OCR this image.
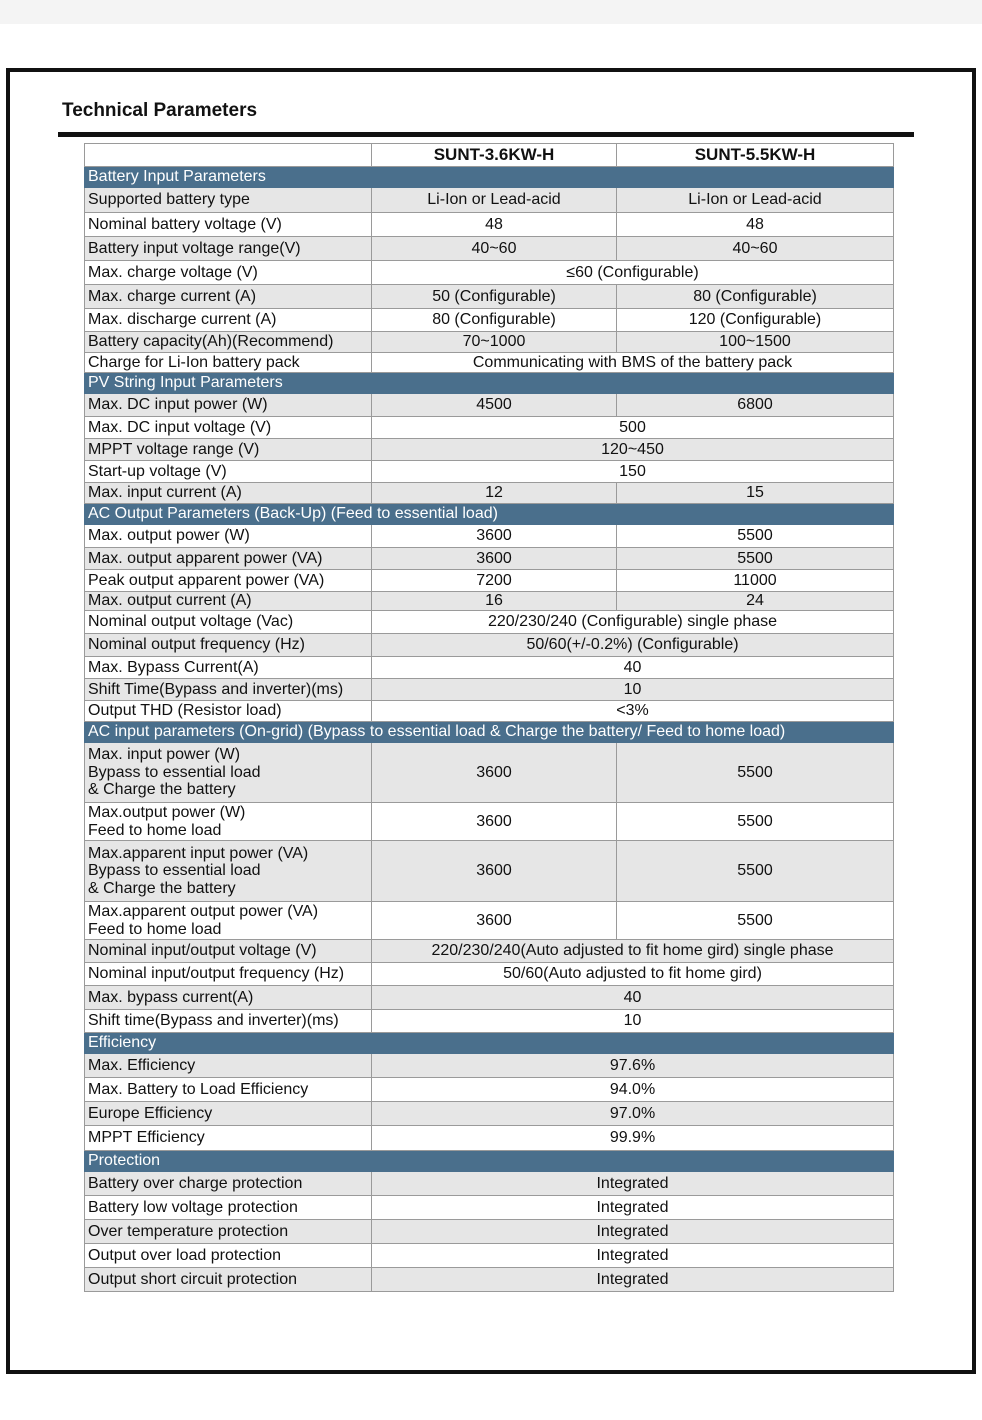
Technical Parameters
	SUNT-3.6KW-H	SUNT-5.5KW-H
Battery Input Parameters		
Supported battery type	Li-Ion or Lead-acid	Li-Ion or Lead-acid
Nominal battery voltage (V)	48	48
Battery input voltage range(V)	40~60	40~60
Max. charge voltage (V)	≤60 (Configurable)	
Max. charge current (A)	50 (Configurable)	80 (Configurable)
Max. discharge current (A)	80 (Configurable)	120 (Configurable)
Battery capacity(Ah)(Recommend)	70~1000	100~1500
Charge for Li-Ion battery pack	Communicating with BMS of the battery pack	
PV String Input Parameters		
Max. DC input power (W)	4500	6800
Max. DC input voltage (V)	500	
MPPT voltage range (V)	120~450	
Start-up voltage (V)	150	
Max. input current (A)	12	15
AC Output Parameters (Back-Up) (Feed to essential load)		
Max. output power (W)	3600	5500
Max. output apparent power (VA)	3600	5500
Peak output apparent power (VA)	7200	11000
Max. output current (A)	16	24
Nominal output voltage (Vac)	220/230/240 (Configurable) single phase	
Nominal output frequency (Hz)	50/60(+/-0.2%) (Configurable)	
Max. Bypass Current(A)	40	
Shift Time(Bypass and inverter)(ms)	10	
Output THD (Resistor load)	<3%	
AC input parameters (On-grid) (Bypass to essential load & Charge the battery/ Feed to home load)		

Max. input power (W)
Bypass to essential load
& Charge the battery	3600	5500

Max.output power (W)
Feed to home load	3600	5500

Max.apparent input power (VA)
Bypass to essential load
& Charge the battery	3600	5500

Max.apparent output power (VA)
Feed to home load	3600	5500
Nominal input/output voltage (V)	220/230/240(Auto adjusted to fit home gird) single phase	
Nominal input/output frequency (Hz)	50/60(Auto adjusted to fit home gird)	
Max. bypass current(A)	40	
Shift time(Bypass and inverter)(ms)	10	
Efficiency		
Max. Efficiency	97.6%	
Max. Battery to Load Efficiency	94.0%	
Europe Efficiency	97.0%	
MPPT Efficiency	99.9%	
Protection		
Battery over charge protection	Integrated	
Battery low voltage protection	Integrated	
Over temperature protection	Integrated	
Output over load protection	Integrated	
Output short circuit protection	Integrated	
